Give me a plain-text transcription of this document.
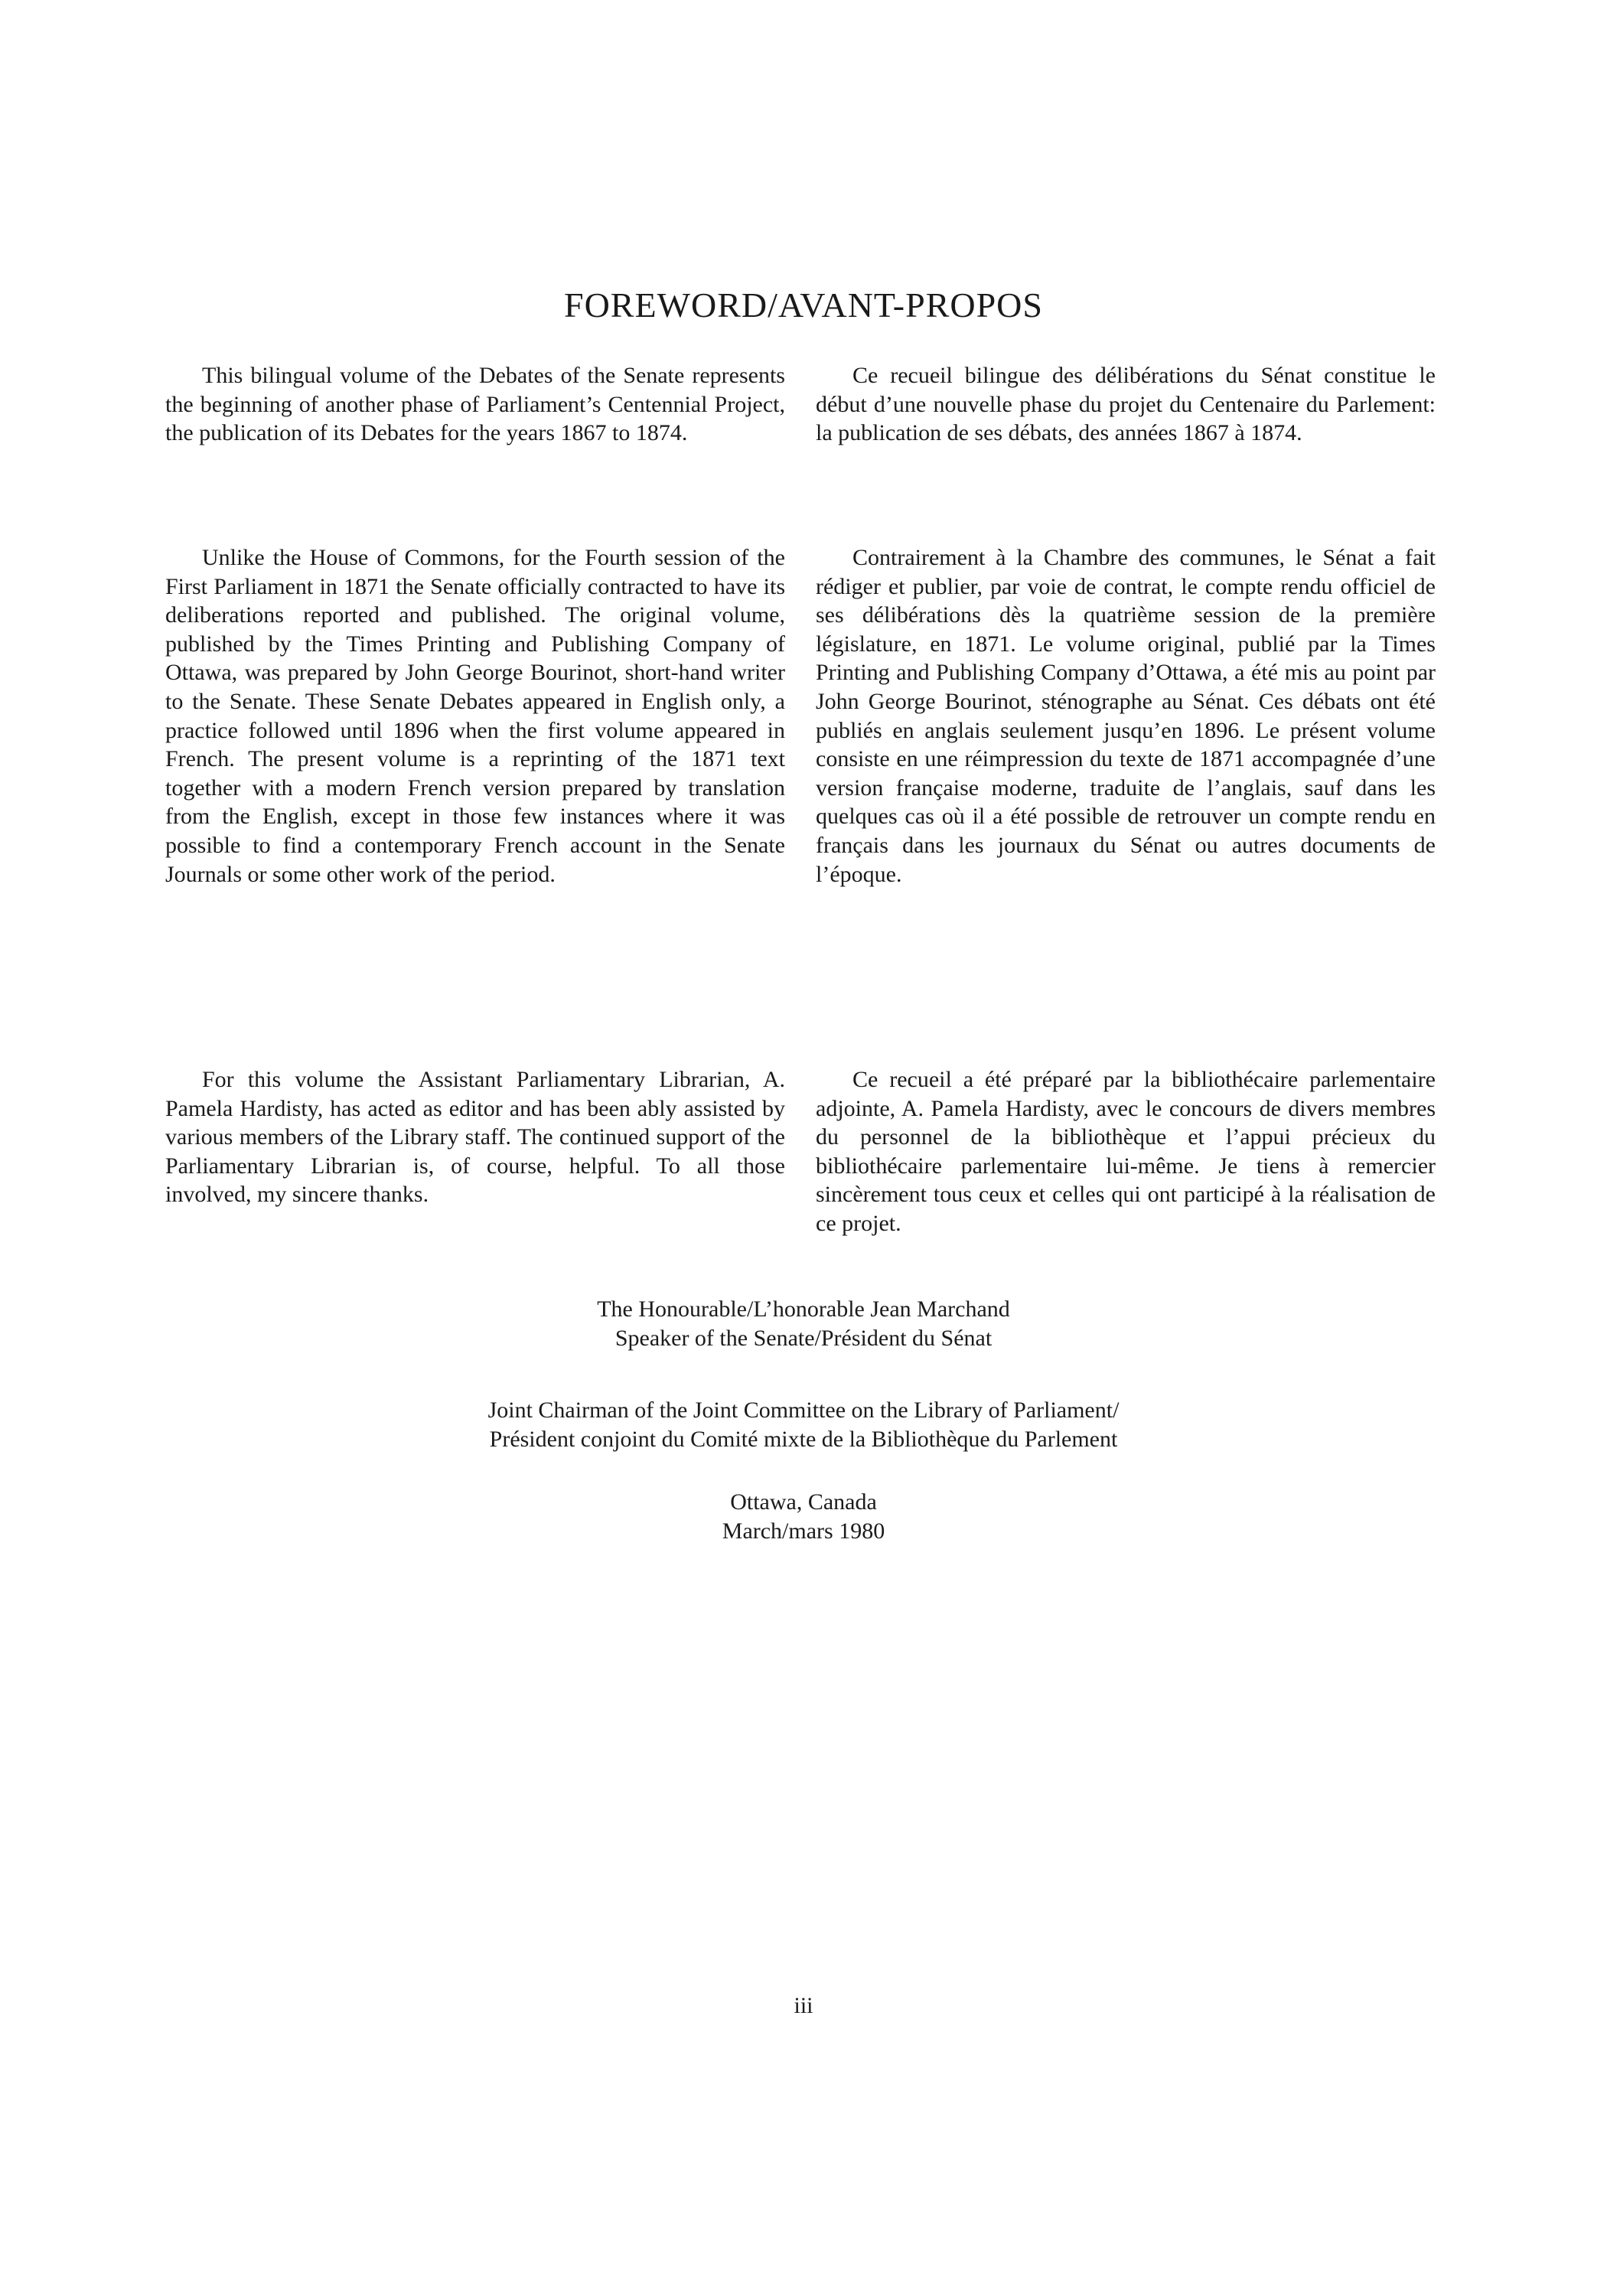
FOREWORD/AVANT-PROPOS

This bilingual volume of the Debates of the Senate represents the beginning of another phase of Parliament’s Centennial Project, the publication of its Debates for the years 1867 to 1874.

Unlike the House of Commons, for the Fourth session of the First Parliament in 1871 the Senate officially contracted to have its deliberations reported and published. The original volume, published by the Times Printing and Publishing Company of Ottawa, was prepared by John George Bourinot, short-hand writer to the Senate. These Senate Debates appeared in English only, a practice followed until 1896 when the first volume appeared in French. The present volume is a reprinting of the 1871 text together with a modern French version prepared by translation from the English, except in those few instances where it was possible to find a contemporary French account in the Senate Journals or some other work of the period.

For this volume the Assistant Parliamentary Librarian, A. Pamela Hardisty, has acted as editor and has been ably assisted by various members of the Library staff. The continued support of the Parliamentary Librarian is, of course, helpful. To all those involved, my sincere thanks.

Ce recueil bilingue des délibérations du Sénat constitue le début d’une nouvelle phase du projet du Centenaire du Parlement: la publication de ses débats, des années 1867 à 1874.

Contrairement à la Chambre des communes, le Sénat a fait rédiger et publier, par voie de contrat, le compte rendu officiel de ses délibérations dès la quatrième session de la première législature, en 1871. Le volume original, publié par la Times Printing and Publishing Company d’Ottawa, a été mis au point par John George Bourinot, sténographe au Sénat. Ces débats ont été publiés en anglais seulement jusqu’en 1896. Le présent volume consiste en une réimpression du texte de 1871 accompagnée d’une version française moderne, traduite de l’anglais, sauf dans les quelques cas où il a été possible de retrouver un compte rendu en français dans les journaux du Sénat ou autres documents de l’époque.

Ce recueil a été préparé par la bibliothécaire parlementaire adjointe, A. Pamela Hardisty, avec le concours de divers membres du personnel de la bibliothèque et l’appui précieux du bibliothécaire parlementaire lui-même. Je tiens à remercier sincèrement tous ceux et celles qui ont participé à la réalisation de ce projet.

The Honourable/L’honorable Jean Marchand
Speaker of the Senate/Président du Sénat
Joint Chairman of the Joint Committee on the Library of Parliament/
Président conjoint du Comité mixte de la Bibliothèque du Parlement
Ottawa, Canada
March/mars 1980
iii
